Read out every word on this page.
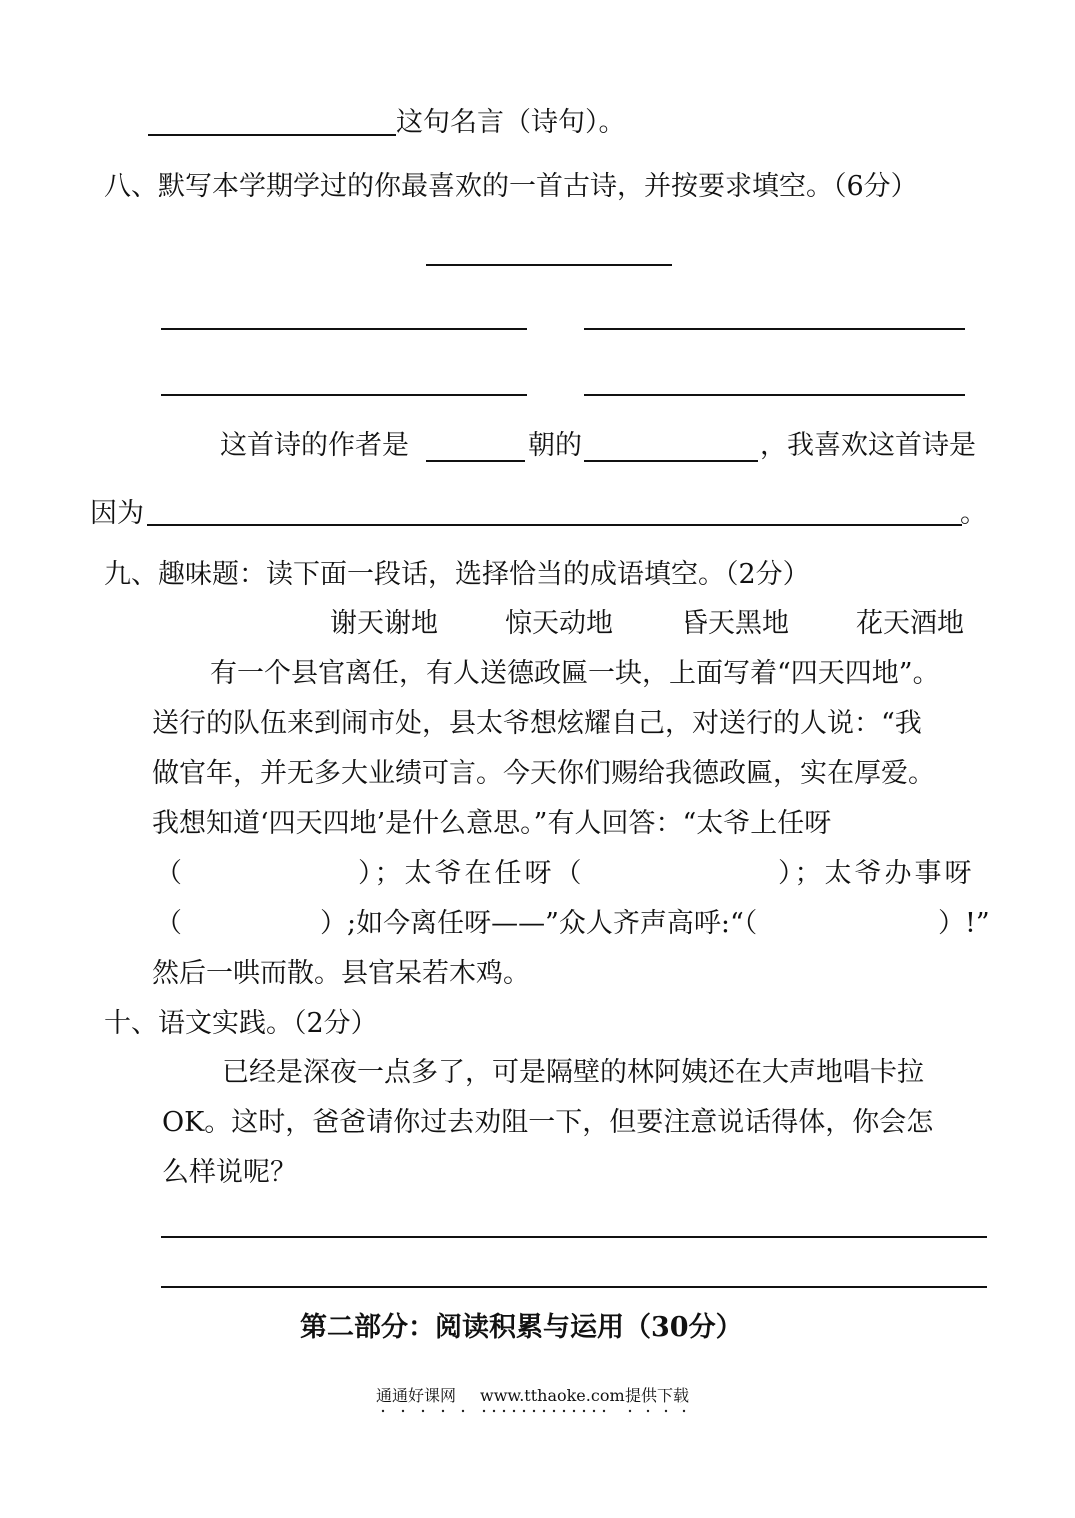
这句名言（诗句）。
八、默写本学期学过的你最喜欢的一首古诗，并按要求填空。（6分）
这首诗的作者是	朝的	，我喜欢这首诗是
因为	。
九、趣味题：读下面一段话，选择恰当的成语填空。（2分）
谢天谢地 惊天动地	昏天黑地 花天酒地
有一个县官离任，有人送德政匾一块，上面写着“四天四地”。
送行的队伍来到闹市处，县太爷想炫耀自己，对送行的人说：“我
做官年，并无多大业绩可言。今天你们赐给我德政匾，实在厚爱。
我想知道‘四天四地’是什么意思。”有人回答：“太爷上任呀
（	）；太爷在任呀（	）；太爷办事呀
（	）;如今离任呀——”众人齐声高呼:“（	）!”
然后一哄而散。县官呆若木鸡。
十、语文实践。（2分）
已经是深夜一点多了，可是隔壁的林阿姨还在大声地唱卡拉
OK。这时，爸爸请你过去劝阻一下，但要注意说话得体，你会怎
么样说呢？
第二部分：阅读积累与运用（30分）
通通好课网 www.tthaoke.com 提供下载
